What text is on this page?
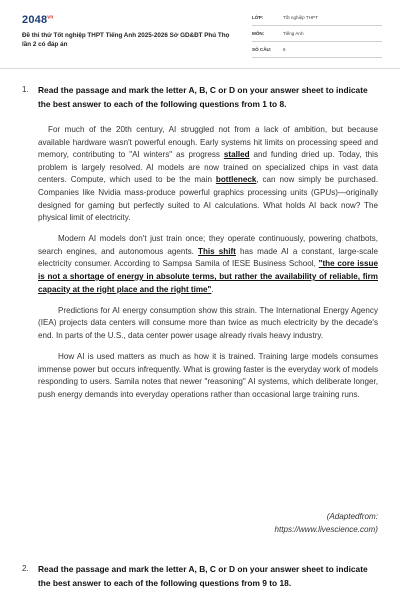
$2048^{vn}$
Đề thi thử Tốt nghiệp THPT Tiếng Anh 2025-2026 Sở GD&ĐT Phú Thọ lần 2 có đáp án
LỚP:	Tốt nghiệp THPT
MÔN:	Tiếng Anh
SỐ CÂU:	6
1. Read the passage and mark the letter A, B, C or D on your answer sheet to indicate the best answer to each of the following questions from 1 to 8.

For much of the 20th century, AI struggled not from a lack of ambition, but because available hardware wasn't powerful enough. Early systems hit limits on processing speed and memory, contributing to "AI winters" as progress stalled and funding dried up. Today, this problem is largely resolved. AI models are now trained on specialized chips in vast data centers. Compute, which used to be the main bottleneck, can now simply be purchased. Companies like Nvidia mass-produce powerful graphics processing units (GPUs)—originally designed for gaming but perfectly suited to AI calculations. What holds AI back now? The physical limit of electricity.

Modern AI models don't just train once; they operate continuously, powering chatbots, search engines, and autonomous agents. This shift has made AI a constant, large-scale electricity consumer. According to Sampsa Samila of IESE Business School, "the core issue is not a shortage of energy in absolute terms, but rather the availability of reliable, firm capacity at the right place and the right time".

Predictions for AI energy consumption show this strain. The International Energy Agency (IEA) projects data centers will consume more than twice as much electricity by the decade's end. In parts of the U.S., data center power usage already rivals heavy industry.

How AI is used matters as much as how it is trained. Training large models consumes immense power but occurs infrequently. What is growing faster is the everyday work of models responding to users. Samila notes that newer "reasoning" AI systems, which deliberate longer, push energy demands into everyday operations rather than occasional large training runs.

(Adaptedfrom:
https://www.livescience.com)
2. Read the passage and mark the letter A, B, C or D on your answer sheet to indicate the best answer to each of the following questions from 9 to 18.
